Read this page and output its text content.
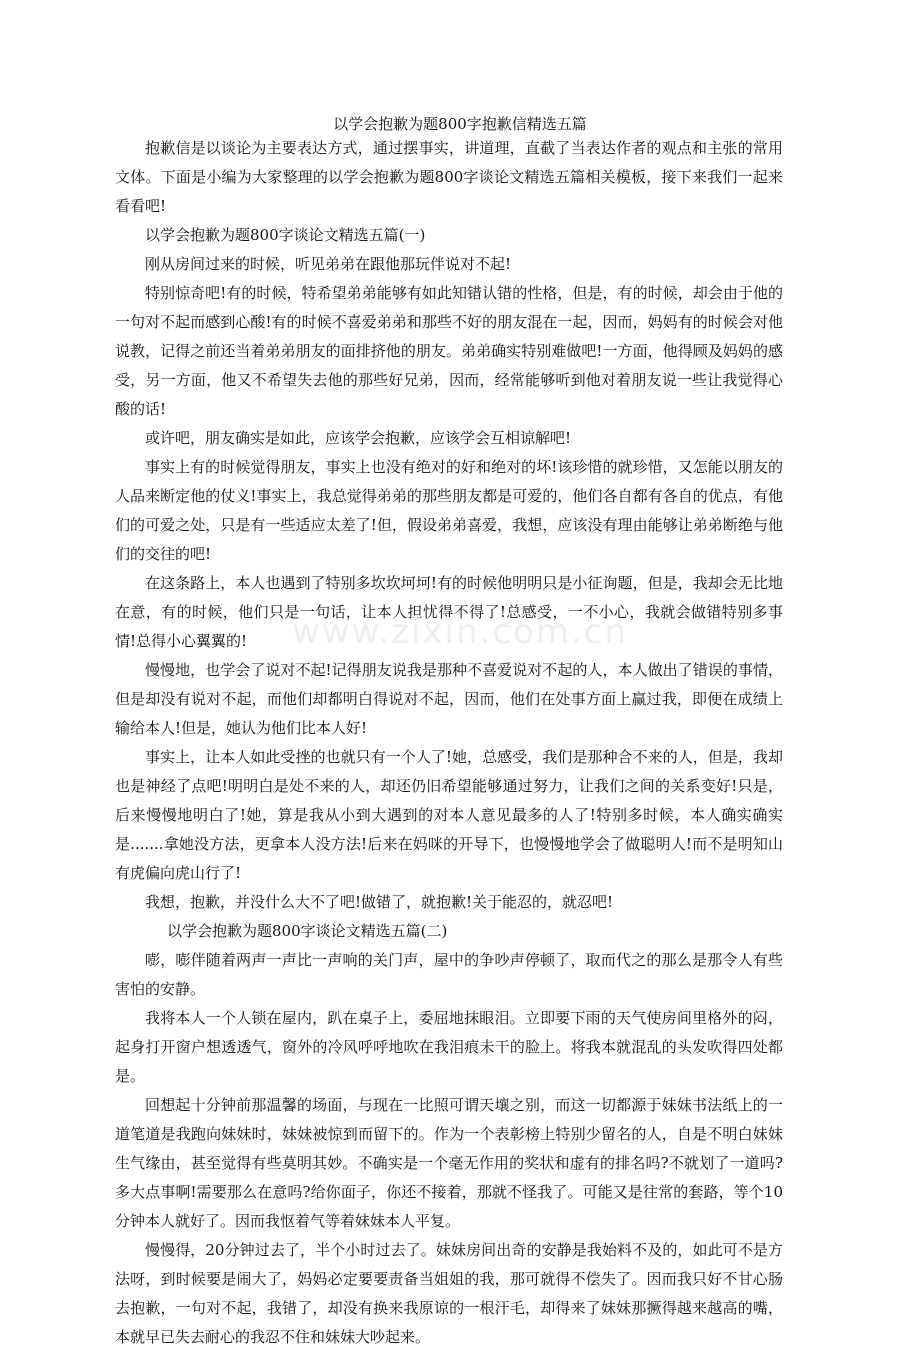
以学会抱歉为题800字抱歉信精选五篇

抱歉信是以谈论为主要表达方式，通过摆事实，讲道理，直截了当表达作者的观点和主张的常用文体。下面是小编为大家整理的以学会抱歉为题800字谈论文精选五篇相关模板，接下来我们一起来看看吧!

以学会抱歉为题800字谈论文精选五篇(一)

刚从房间过来的时候，听见弟弟在跟他那玩伴说对不起!

特别惊奇吧!有的时候，特希望弟弟能够有如此知错认错的性格，但是，有的时候，却会由于他的一句对不起而感到心酸!有的时候不喜爱弟弟和那些不好的朋友混在一起，因而，妈妈有的时候会对他说教，记得之前还当着弟弟朋友的面排挤他的朋友。弟弟确实特别难做吧!一方面，他得顾及妈妈的感受，另一方面，他又不希望失去他的那些好兄弟，因而，经常能够听到他对着朋友说一些让我觉得心酸的话!

或许吧，朋友确实是如此，应该学会抱歉，应该学会互相谅解吧!

事实上有的时候觉得朋友，事实上也没有绝对的好和绝对的坏!该珍惜的就珍惜，又怎能以朋友的人品来断定他的仗义!事实上，我总觉得弟弟的那些朋友都是可爱的，他们各自都有各自的优点，有他们的可爱之处，只是有一些适应太差了!但，假设弟弟喜爱，我想，应该没有理由能够让弟弟断绝与他们的交往的吧!

在这条路上，本人也遇到了特别多坎坎坷坷!有的时候他明明只是小征询题，但是，我却会无比地在意，有的时候，他们只是一句话，让本人担忧得不得了!总感受，一不小心，我就会做错特别多事情!总得小心翼翼的!

慢慢地，也学会了说对不起!记得朋友说我是那种不喜爱说对不起的人，本人做出了错误的事情，但是却没有说对不起，而他们却都明白得说对不起，因而，他们在处事方面上赢过我，即便在成绩上输给本人!但是，她认为他们比本人好!

事实上，让本人如此受挫的也就只有一个人了!她，总感受，我们是那种合不来的人，但是，我却也是神经了点吧!明明白是处不来的人，却还仍旧希望能够通过努力，让我们之间的关系变好!只是，后来慢慢地明白了!她，算是我从小到大遇到的对本人意见最多的人了!特别多时候，本人确实确实是.......拿她没方法，更拿本人没方法!后来在妈咪的开导下，也慢慢地学会了做聪明人!而不是明知山有虎偏向虎山行了!

我想，抱歉，并没什么大不了吧!做错了，就抱歉!关于能忍的，就忍吧!

以学会抱歉为题800字谈论文精选五篇(二)

嘭，嘭伴随着两声一声比一声响的关门声，屋中的争吵声停顿了，取而代之的那么是那令人有些害怕的安静。

我将本人一个人锁在屋内，趴在桌子上，委屈地抹眼泪。立即要下雨的天气使房间里格外的闷，起身打开窗户想透透气，窗外的冷风呼呼地吹在我泪痕未干的脸上。将我本就混乱的头发吹得四处都是。

回想起十分钟前那温馨的场面，与现在一比照可谓天壤之别，而这一切都源于妹妹书法纸上的一道笔道是我跑向妹妹时，妹妹被惊到而留下的。作为一个表彰榜上特别少留名的人，自是不明白妹妹生气缘由，甚至觉得有些莫明其妙。不确实是一个毫无作用的奖状和虚有的排名吗?不就划了一道吗?多大点事啊!需要那么在意吗?给你面子，你还不接着，那就不怪我了。可能又是往常的套路，等个10分钟本人就好了。因而我怄着气等着妹妹本人平复。

慢慢得，20分钟过去了，半个小时过去了。妹妹房间出奇的安静是我始料不及的，如此可不是方法呀，到时候要是闹大了，妈妈必定要要责备当姐姐的我，那可就得不偿失了。因而我只好不甘心肠去抱歉，一句对不起，我错了，却没有换来我原谅的一根汗毛，却得来了妹妹那撅得越来越高的嘴，本就早已失去耐心的我忍不住和妹妹大吵起来。

www.zixin.com.cn
